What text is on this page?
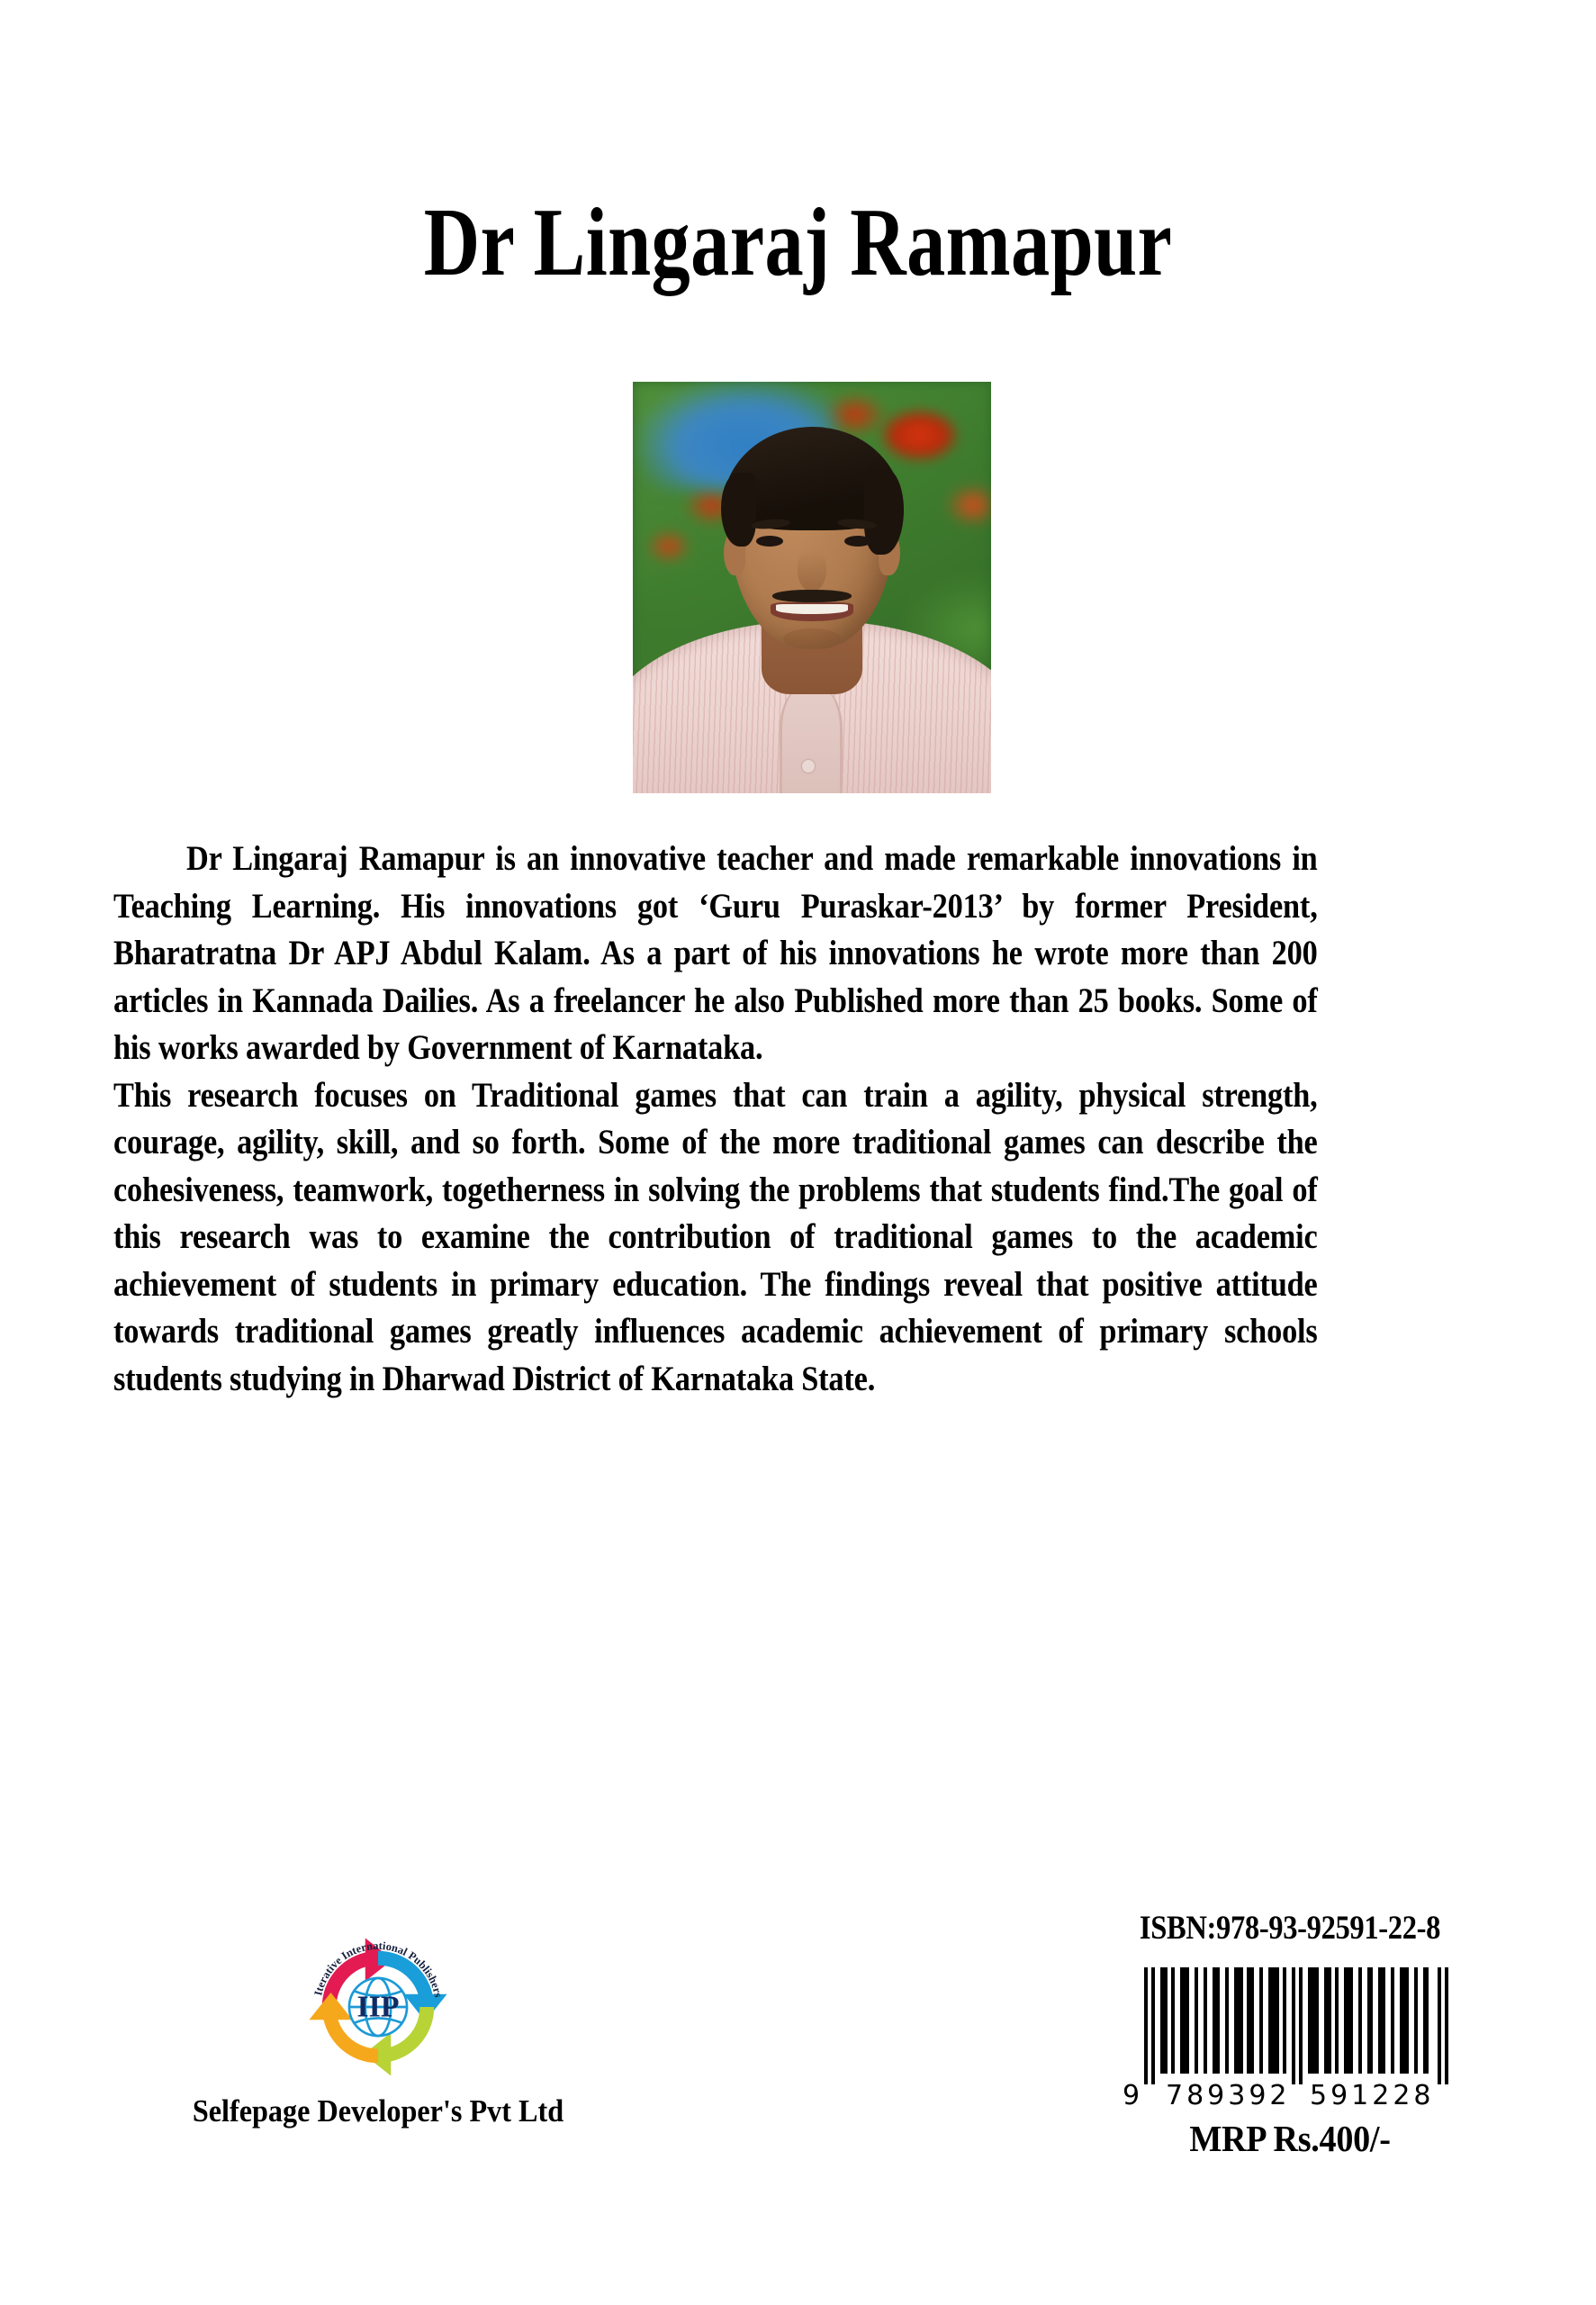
Dr Lingaraj Ramapur

Dr Lingaraj Ramapur is an innovative teacher and made remarkable innovations in Teaching Learning. His innovations got ‘Guru Puraskar-2013’ by former President, Bharatratna Dr APJ Abdul Kalam. As a part of his innovations he wrote more than 200 articles in Kannada Dailies. As a freelancer he also Published more than 25 books. Some of his works awarded by Government of Karnataka.

This research focuses on Traditional games that can train a agility, physical strength, courage, agility, skill, and so forth. Some of the more traditional games can describe the cohesiveness, teamwork, togetherness in solving the problems that students find.The goal of this research was to examine the contribution of traditional games to the academic achievement of students in primary education. The findings reveal that positive attitude towards traditional games greatly influences academic achievement of primary schools students studying in Dharwad District of Karnataka State.

Iterative International Publishers
IIP
Selfepage Developer's Pvt Ltd
ISBN:978-93-92591-22-8
9 789392 591228
MRP Rs.400/-
